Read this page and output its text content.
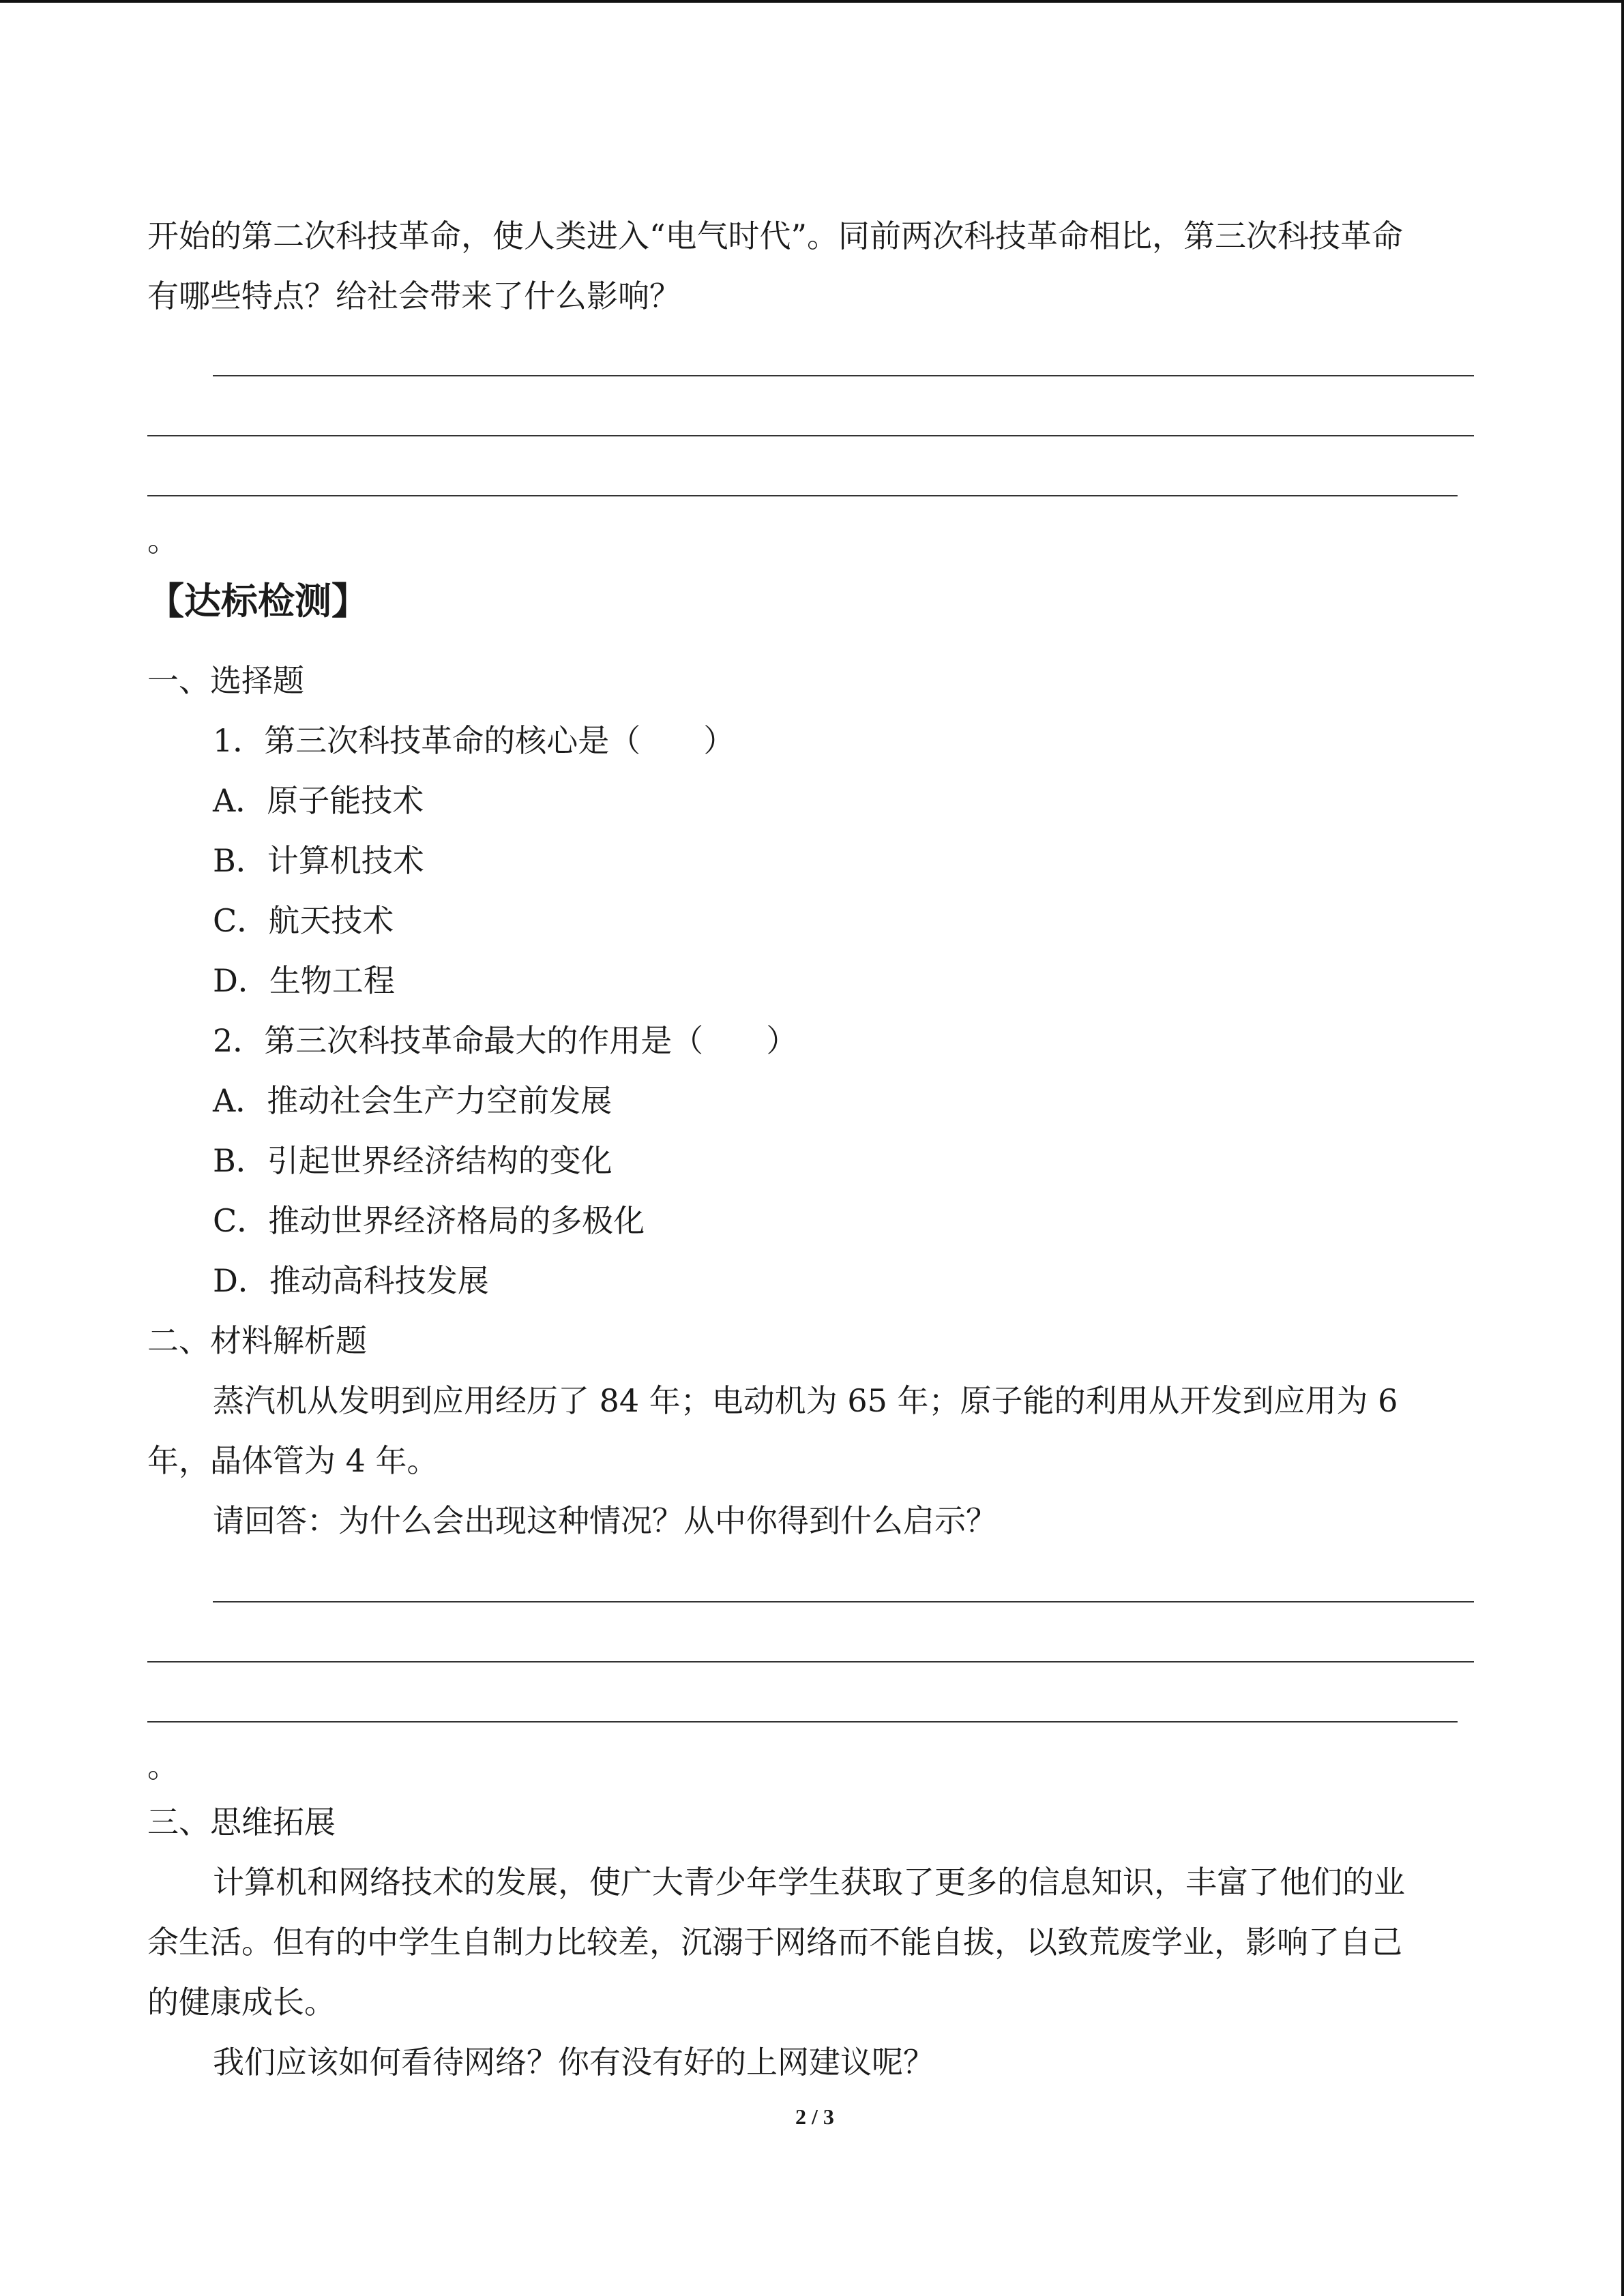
开始的第二次科技革命，使人类进入“电气时代”。同前两次科技革命相比，第三次科技革命
有哪些特点？给社会带来了什么影响？
。
【达标检测】
一、选择题
1．第三次科技革命的核心是（　　）
A．原子能技术
B．计算机技术
C．航天技术
D．生物工程
2．第三次科技革命最大的作用是（　　）
A．推动社会生产力空前发展
B．引起世界经济结构的变化
C．推动世界经济格局的多极化
D．推动高科技发展
二、材料解析题
蒸汽机从发明到应用经历了 84 年；电动机为 65 年；原子能的利用从开发到应用为 6
年，晶体管为 4 年。
请回答：为什么会出现这种情况？从中你得到什么启示？
。
三、思维拓展
计算机和网络技术的发展，使广大青少年学生获取了更多的信息知识，丰富了他们的业
余生活。但有的中学生自制力比较差，沉溺于网络而不能自拔，以致荒废学业，影响了自己
的健康成长。
我们应该如何看待网络？你有没有好的上网建议呢？
2 / 3
